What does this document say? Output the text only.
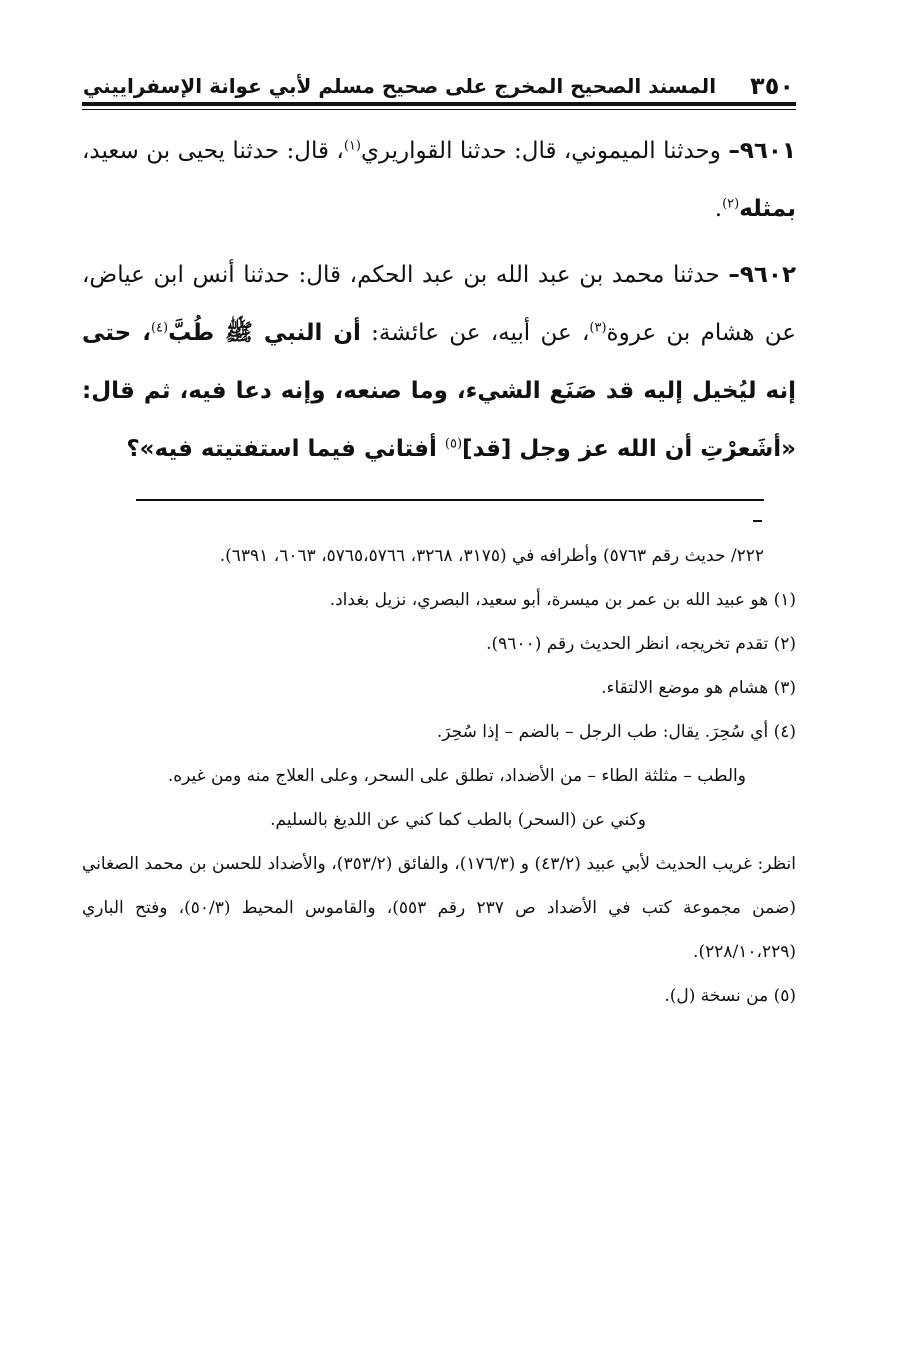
٣٥٠
المسند الصحيح المخرج على صحيح مسلم لأبي عوانة الإسفراييني

٩٦٠١– وحدثنا الميموني، قال: حدثنا القواريري$^{(١)}$، قال: حدثنا يحيى بن سعيد، بمثله$^{(٢)}$.

٩٦٠٢– حدثنا محمد بن عبد الله بن عبد الحكم، قال: حدثنا أنس ابن عياض، عن هشام بن عروة$^{(٣)}$، عن أبيه، عن عائشة: أن النبي ﷺ طُبَّ$^{(٤)}$، حتى إنه ليُخيل إليه قد صَنَع الشيء، وما صنعه، وإنه دعا فيه، ثم قال: «أشَعرْتِ أن الله عز وجل [قد]$^{(٥)}$ أفتاني فيما استفتيته فيه»؟

٢٢٢/ حديث رقم ٥٧٦٣) وأطرافه في (٣١٧٥، ٣٢٦٨، ٥٧٦٥،٥٧٦٦، ٦٠٦٣، ٦٣٩١).

(١) هو عبيد الله بن عمر بن ميسرة، أبو سعيد، البصري، نزيل بغداد.

(٢) تقدم تخريجه، انظر الحديث رقم (٩٦٠٠).

(٣) هشام هو موضع الالتقاء.

(٤) أي سُحِرَ. يقال: طب الرجل – بالضم – إذا سُحِرَ.

والطب – مثلثة الطاء – من الأضداد، تطلق على السحر، وعلى العلاج منه ومن غيره.

وكني عن (السحر) بالطب كما كني عن اللديغ بالسليم.

انظر: غريب الحديث لأبي عبيد (٤٣/٢) و (١٧٦/٣)، والفائق (٣٥٣/٢)، والأضداد للحسن بن محمد الصغاني (ضمن مجموعة كتب في الأضداد ص ٢٣٧ رقم ٥٥٣)، والقاموس المحيط (٥٠/٣)، وفتح الباري (٢٢٨/١٠،٢٢٩).

(٥) من نسخة (ل).
